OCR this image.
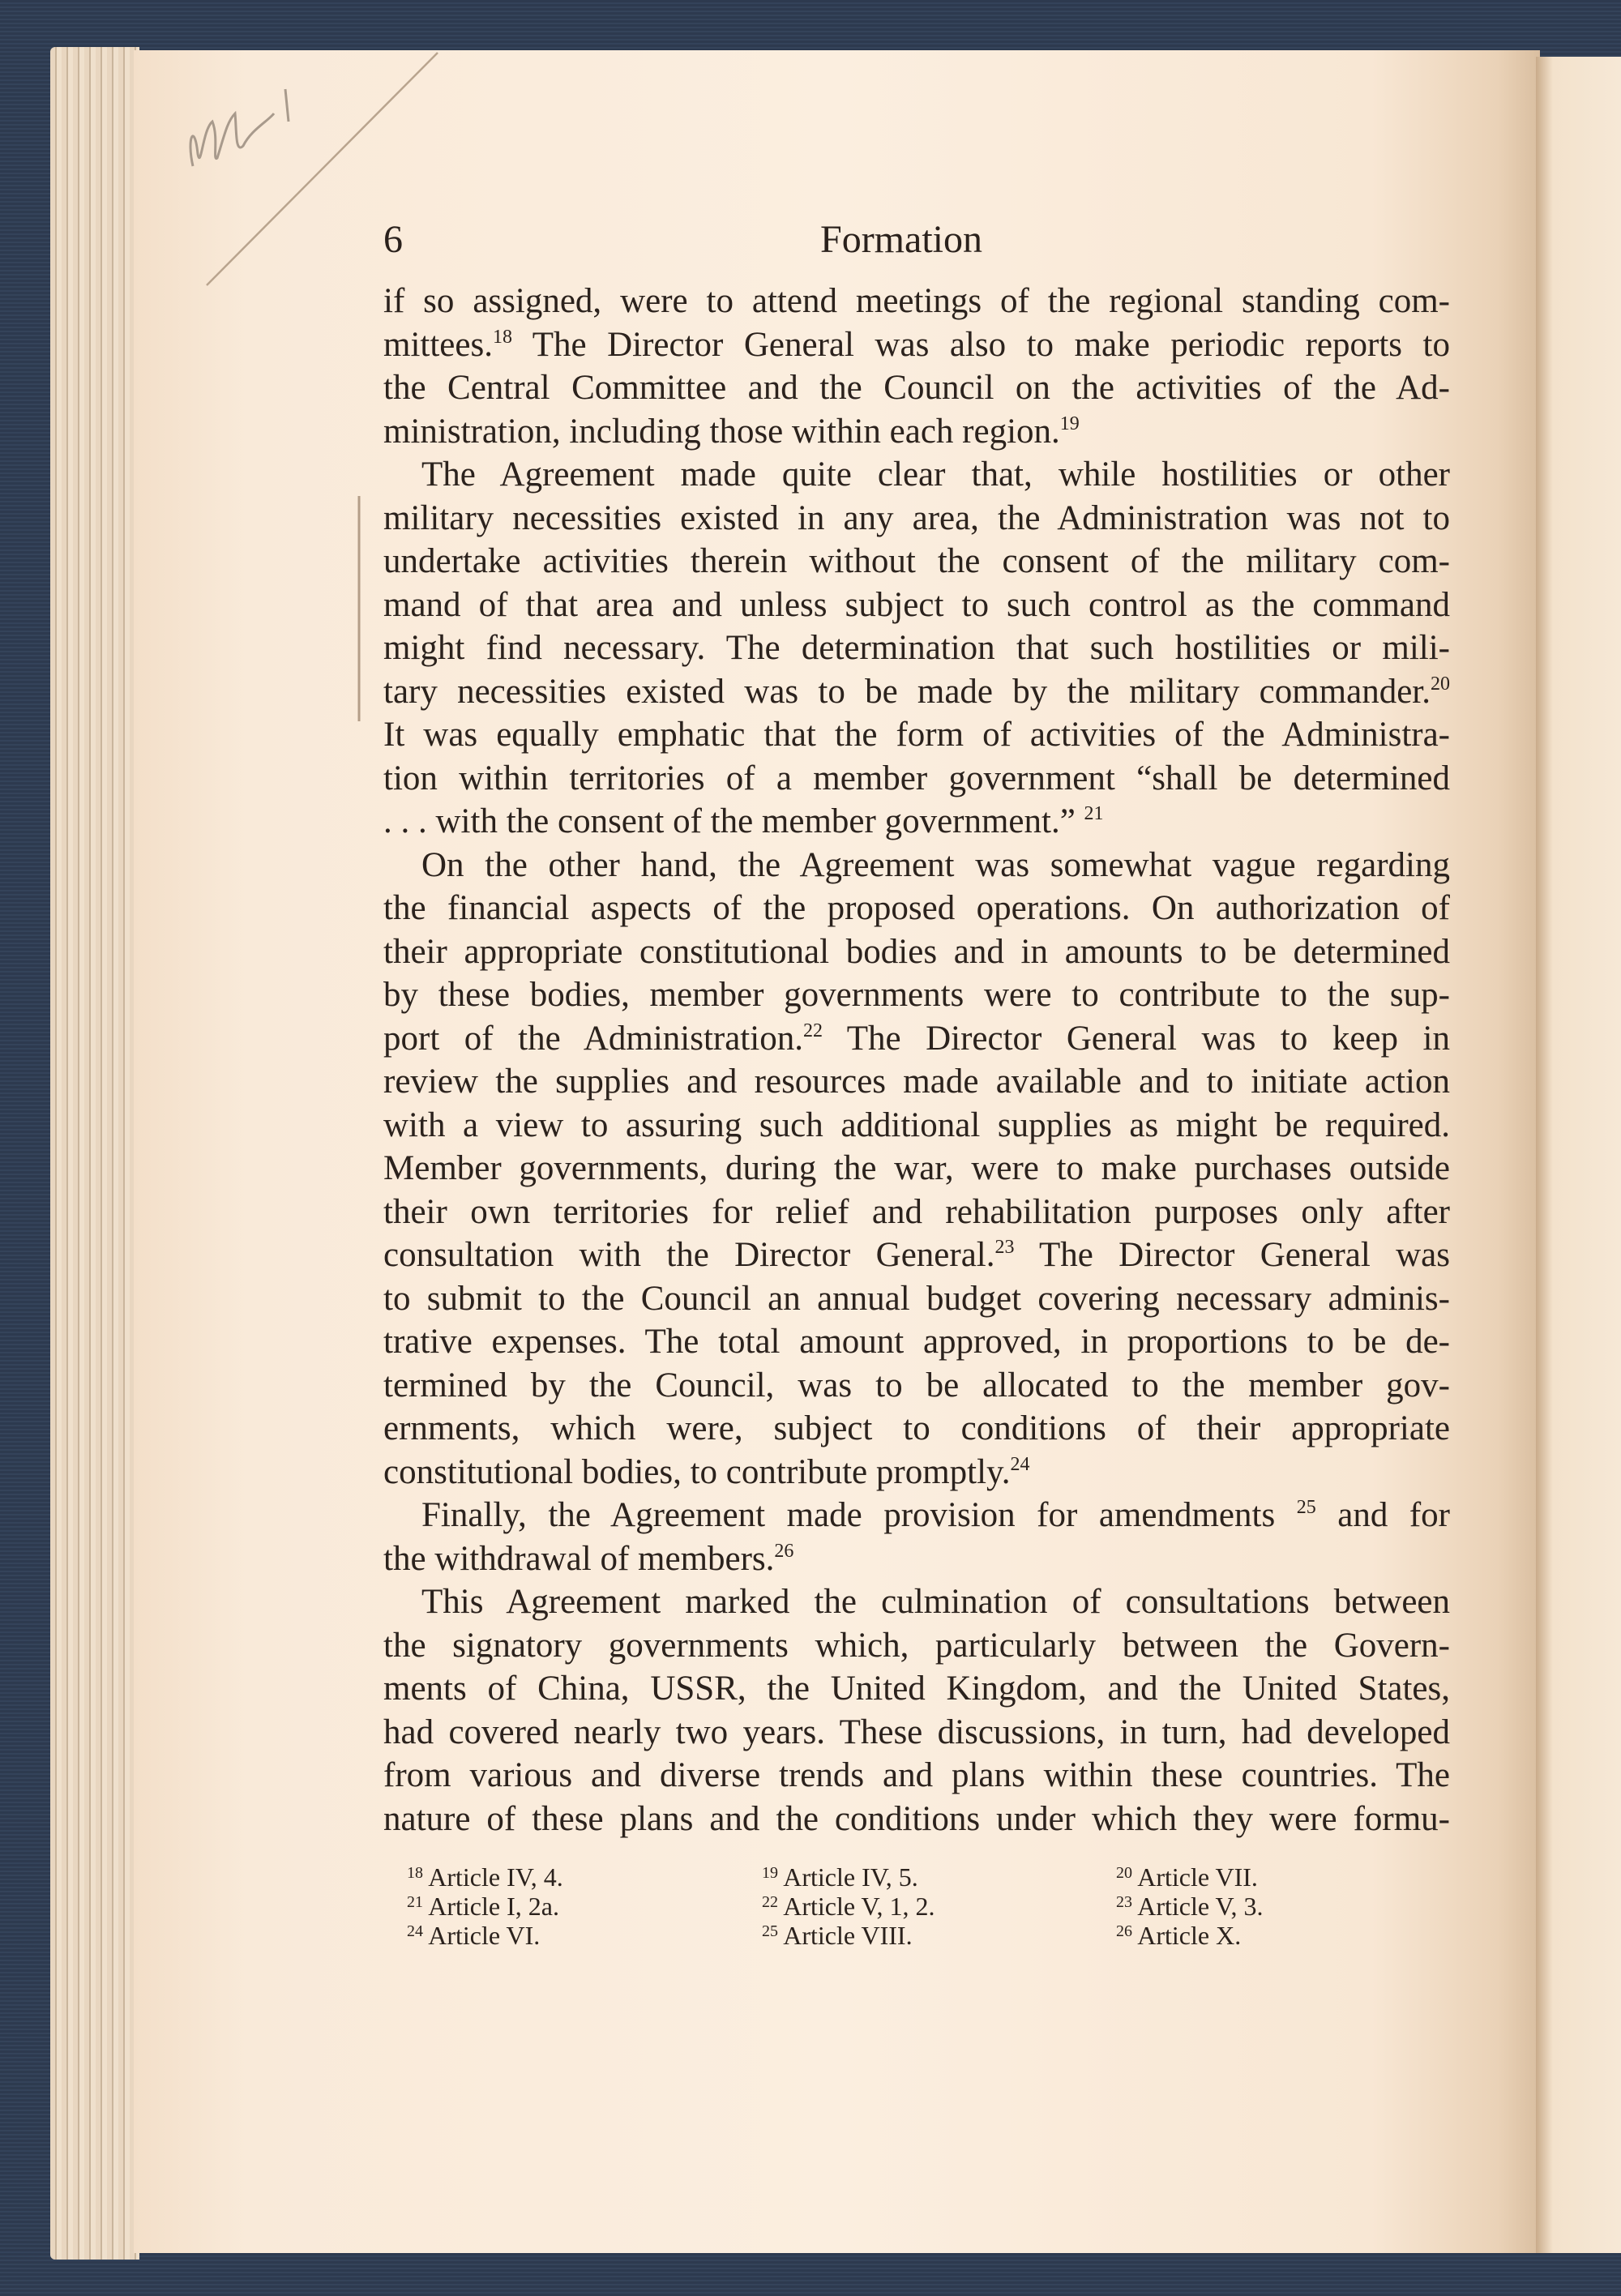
6	Formation
if so assigned, were to attend meetings of the regional standing com-
mittees.$^{18}$ The Director General was also to make periodic reports to
the Central Committee and the Council on the activities of the Ad-
ministration, including those within each region.$^{19}$
The Agreement made quite clear that, while hostilities or other
military necessities existed in any area, the Administration was not to
undertake activities therein without the consent of the military com-
mand of that area and unless subject to such control as the command
might find necessary. The determination that such hostilities or mili-
tary necessities existed was to be made by the military commander.$^{20}$
It was equally emphatic that the form of activities of the Administra-
tion within territories of a member government “shall be determined
. . . with the consent of the member government.” $^{21}$
On the other hand, the Agreement was somewhat vague regarding
the financial aspects of the proposed operations. On authorization of
their appropriate constitutional bodies and in amounts to be determined
by these bodies, member governments were to contribute to the sup-
port of the Administration.$^{22}$ The Director General was to keep in
review the supplies and resources made available and to initiate action
with a view to assuring such additional supplies as might be required.
Member governments, during the war, were to make purchases outside
their own territories for relief and rehabilitation purposes only after
consultation with the Director General.$^{23}$ The Director General was
to submit to the Council an annual budget covering necessary adminis-
trative expenses. The total amount approved, in proportions to be de-
termined by the Council, was to be allocated to the member gov-
ernments, which were, subject to conditions of their appropriate
constitutional bodies, to contribute promptly.$^{24}$
Finally, the Agreement made provision for amendments $^{25}$ and for
the withdrawal of members.$^{26}$
This Agreement marked the culmination of consultations between
the signatory governments which, particularly between the Govern-
ments of China, USSR, the United Kingdom, and the United States,
had covered nearly two years. These discussions, in turn, had developed
from various and diverse trends and plans within these countries. The
nature of these plans and the conditions under which they were formu-
$^{18}$ Article IV, 4.	$^{19}$ Article IV, 5.	$^{20}$ Article VII.
$^{21}$ Article I, 2a.	$^{22}$ Article V, 1, 2.	$^{23}$ Article V, 3.
$^{24}$ Article VI.	$^{25}$ Article VIII.	$^{26}$ Article X.
